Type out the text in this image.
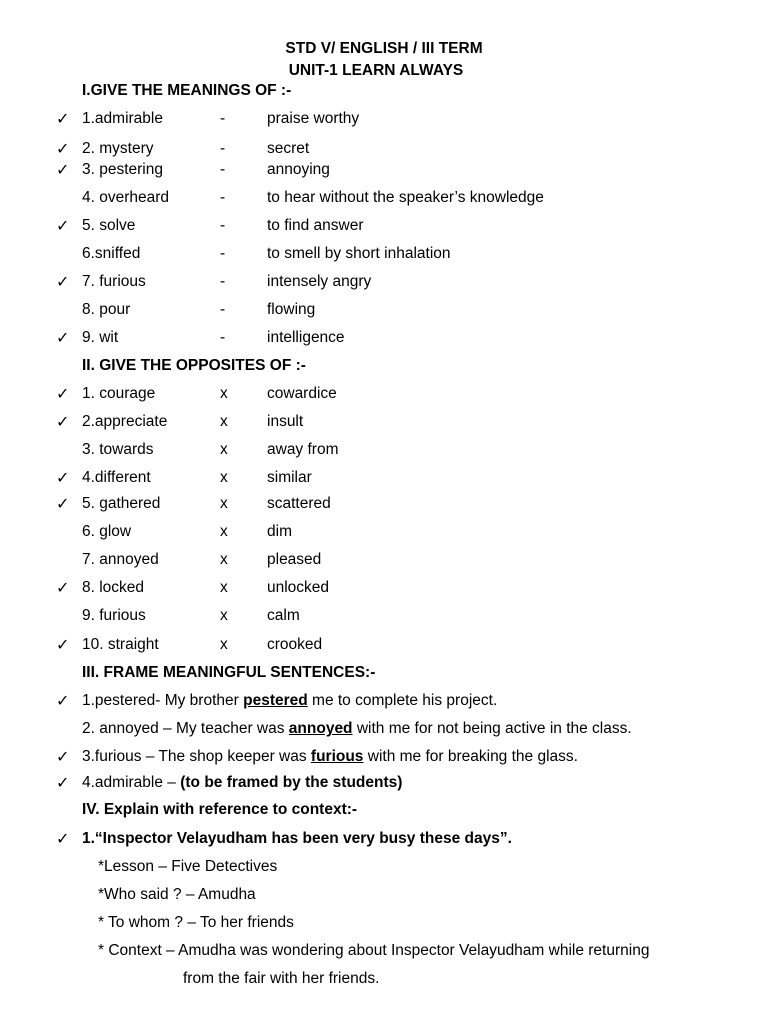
STD V/ ENGLISH / III TERM
UNIT-1 LEARN ALWAYS
I.GIVE THE MEANINGS OF :-
✓ 1.admirable	-	praise worthy
✓ 2. mystery	-	secret
✓ 3. pestering	-	annoying
4. overheard	-	to hear without the speaker’s knowledge
✓ 5. solve	-	to find answer
6.sniffed	-	to smell by short inhalation
✓ 7. furious	-	intensely angry
8. pour	-	flowing
✓ 9. wit	-	intelligence
II. GIVE THE OPPOSITES OF :-
✓ 1. courage	x	cowardice
✓ 2.appreciate	x	insult
3. towards	x	away from
✓ 4.different	x	similar
✓ 5. gathered	x	scattered
6. glow	x	dim
7. annoyed	x	pleased
✓ 8. locked	x	unlocked
9. furious	x	calm
✓ 10. straight	x	crooked
III. FRAME MEANINGFUL SENTENCES:-
✓ 1.pestered- My brother pestered me to complete his project.
2. annoyed – My teacher was annoyed with me for not being active in the class.
✓ 3.furious – The shop keeper was furious with me for breaking the glass.
✓ 4.admirable – (to be framed by the students)
IV. Explain with reference to context:-
✓ 1.“Inspector Velayudham has been very busy these days”.
*Lesson – Five Detectives
*Who said ? – Amudha
* To whom ? – To her friends
* Context – Amudha was wondering about Inspector Velayudham while returning
from the fair with her friends.
